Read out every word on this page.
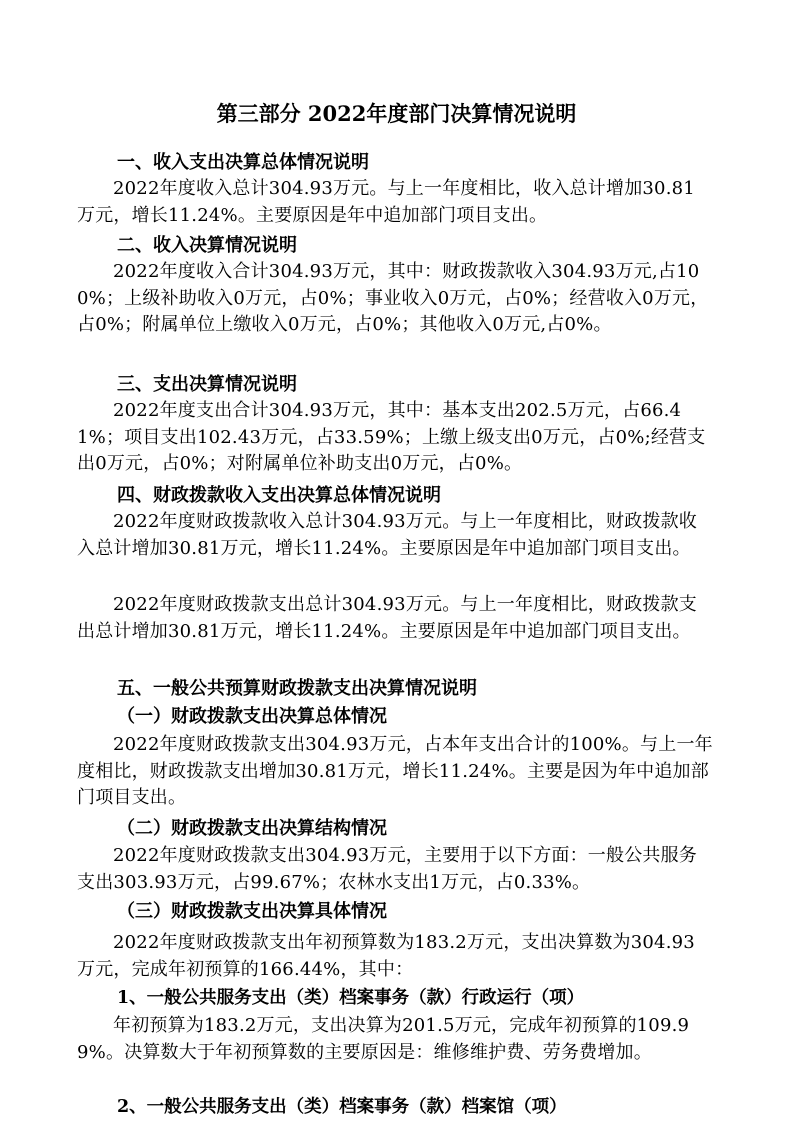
第三部分 2022年度部门决算情况说明
一、收入支出决算总体情况说明

2022年度收入总计304.93万元。与上一年度相比，收入总计增加30.81万元，增长11.24%。主要原因是年中追加部门项目支出。

二、收入决算情况说明

2022年度收入合计304.93万元，其中：财政拨款收入304.93万元,占100%；上级补助收入0万元，占0%；事业收入0万元，占0%；经营收入0万元，占0%；附属单位上缴收入0万元，占0%；其他收入0万元,占0%。

三、支出决算情况说明

2022年度支出合计304.93万元，其中：基本支出202.5万元，占66.41%；项目支出102.43万元，占33.59%；上缴上级支出0万元，占0%;经营支出0万元，占0%；对附属单位补助支出0万元，占0%。

四、财政拨款收入支出决算总体情况说明

2022年度财政拨款收入总计304.93万元。与上一年度相比，财政拨款收入总计增加30.81万元，增长11.24%。主要原因是年中追加部门项目支出。

2022年度财政拨款支出总计304.93万元。与上一年度相比，财政拨款支出总计增加30.81万元，增长11.24%。主要原因是年中追加部门项目支出。

五、一般公共预算财政拨款支出决算情况说明
（一）财政拨款支出决算总体情况

2022年度财政拨款支出304.93万元，占本年支出合计的100%。与上一年度相比，财政拨款支出增加30.81万元，增长11.24%。主要是因为年中追加部门项目支出。

（二）财政拨款支出决算结构情况

2022年度财政拨款支出304.93万元，主要用于以下方面：一般公共服务支出303.93万元，占99.67%；农林水支出1万元，占0.33%。

（三）财政拨款支出决算具体情况

2022年度财政拨款支出年初预算数为183.2万元，支出决算数为304.93万元，完成年初预算的166.44%，其中：

1、一般公共服务支出（类）档案事务（款）行政运行（项）

年初预算为183.2万元，支出决算为201.5万元，完成年初预算的109.99%。决算数大于年初预算数的主要原因是：维修维护费、劳务费增加。

2、一般公共服务支出（类）档案事务（款）档案馆（项）
